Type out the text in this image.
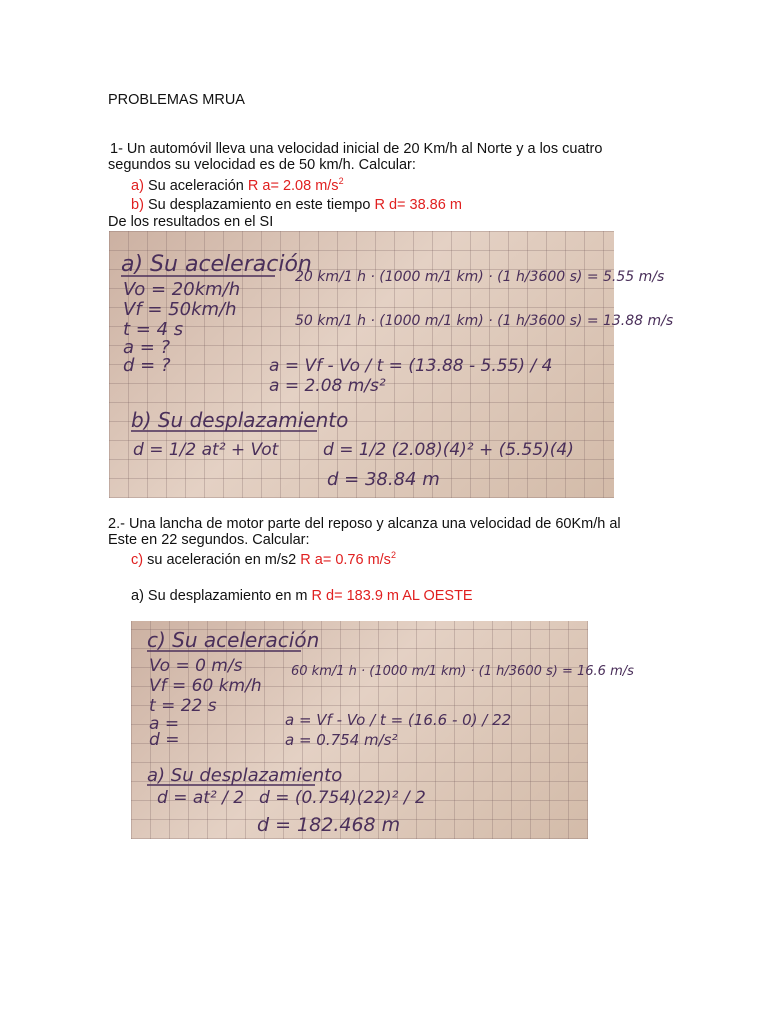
PROBLEMAS MRUA
1- Un automóvil lleva una velocidad inicial de 20 Km/h al Norte y a los cuatro
segundos su velocidad es de 50 km/h. Calcular:
a) Su aceleración R a= 2.08 $m/s^2$
b) Su desplazamiento en este tiempo R d= 38.86 m
De los resultados en el SI
a) Su aceleración
Vo = 20km/h
Vf = 50km/h
t = 4 s
a = ?
d = ?
20 km/1 h · (1000 m/1 km) · (1 h/3600 s) = 5.55 m/s
50 km/1 h · (1000 m/1 km) · (1 h/3600 s) = 13.88 m/s
a = Vf - Vo / t = (13.88 - 5.55) / 4
a = 2.08 m/s²
b) Su desplazamiento
d = 1/2 at² + Vot	d = 1/2 (2.08)(4)² + (5.55)(4)
d = 38.84 m
2.- Una lancha de motor parte del reposo y alcanza una velocidad de 60Km/h al
Este en 22 segundos. Calcular:
c) su aceleración en m/s2 R a= 0.76 $m/s^2$
a) Su desplazamiento en m R d= 183.9 m AL OESTE
c) Su aceleración
Vo = 0 m/s
Vf = 60 km/h
t = 22 s
a =
d =
60 km/1 h · (1000 m/1 km) · (1 h/3600 s) = 16.6 m/s
a = Vf - Vo / t = (16.6 - 0) / 22
a = 0.754 m/s²
a) Su desplazamiento
d = at² / 2 d = (0.754)(22)² / 2
d = 182.468 m
